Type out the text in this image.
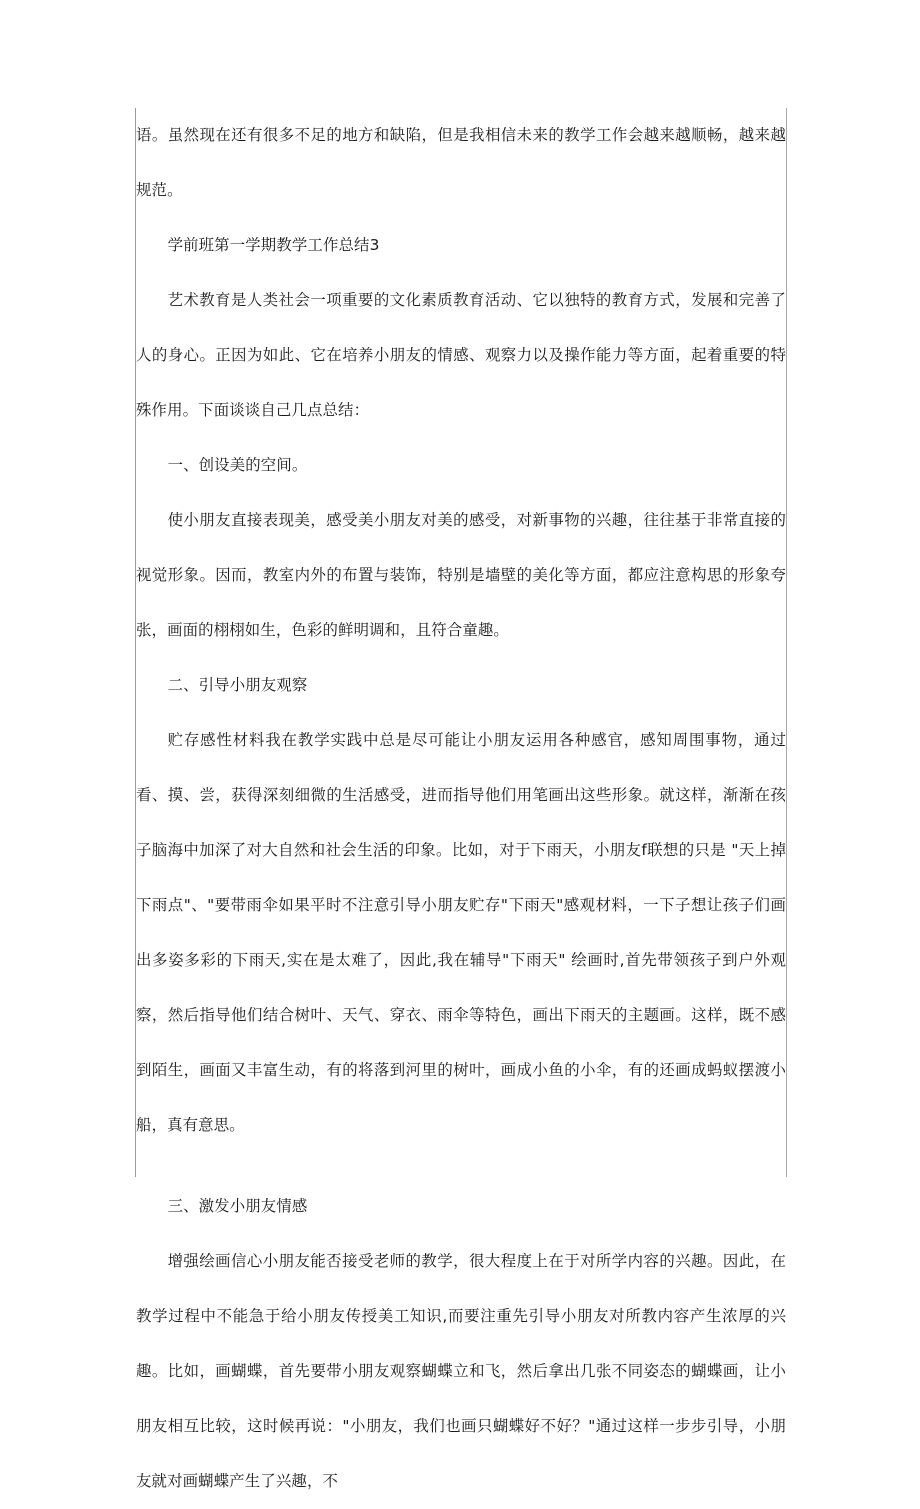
语。虽然现在还有很多不足的地方和缺陷，但是我相信未来的教学工作会越来越顺畅，越来越规范。

学前班第一学期教学工作总结3

艺术教育是人类社会一项重要的文化素质教育活动、它以独特的教育方式，发展和完善了人的身心。正因为如此、它在培养小朋友的情感、观察力以及操作能力等方面，起着重要的特殊作用。下面谈谈自己几点总结：

一、创设美的空间。

使小朋友直接表现美，感受美小朋友对美的感受，对新事物的兴趣，往往基于非常直接的视觉形象。因而，教室内外的布置与装饰，特别是墙壁的美化等方面，都应注意构思的形象夸张，画面的栩栩如生，色彩的鲜明调和，且符合童趣。

二、引导小朋友观察

贮存感性材料我在教学实践中总是尽可能让小朋友运用各种感官，感知周围事物，通过看、摸、尝，获得深刻细微的生活感受，进而指导他们用笔画出这些形象。就这样，渐渐在孩子脑海中加深了对大自然和社会生活的印象。比如，对于下雨天，小朋友f联想的只是 "天上掉下雨点"、"要带雨伞如果平时不注意引导小朋友贮存"下雨天"感观材料，一下子想让孩子们画出多姿多彩的下雨天,实在是太难了，因此,我在辅导"下雨天" 绘画时,首先带领孩子到户外观察，然后指导他们结合树叶、天气、穿衣、雨伞等特色，画出下雨天的主题画。这样，既不感到陌生，画面又丰富生动，有的将落到河里的树叶，画成小鱼的小伞，有的还画成蚂蚁摆渡小船，真有意思。

三、激发小朋友情感

增强绘画信心小朋友能否接受老师的教学，很大程度上在于对所学内容的兴趣。因此，在教学过程中不能急于给小朋友传授美工知识,而要注重先引导小朋友对所教内容产生浓厚的兴趣。比如，画蝴蝶，首先要带小朋友观察蝴蝶立和飞，然后拿出几张不同姿态的蝴蝶画，让小朋友相互比较，这时候再说："小朋友，我们也画只蝴蝶好不好？"通过这样一步步引导，小朋友就对画蝴蝶产生了兴趣，不
